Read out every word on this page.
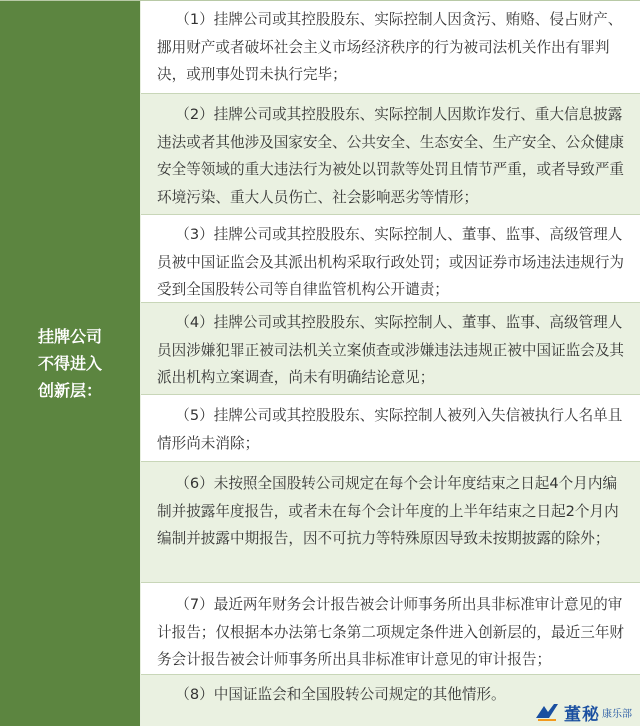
挂牌公司不得进入创新层：
（1）挂牌公司或其控股股东、实际控制人因贪污、贿赂、侵占财产、挪用财产或者破坏社会主义市场经济秩序的行为被司法机关作出有罪判决，或刑事处罚未执行完毕；
（2）挂牌公司或其控股股东、实际控制人因欺诈发行、重大信息披露违法或者其他涉及国家安全、公共安全、生态安全、生产安全、公众健康安全等领域的重大违法行为被处以罚款等处罚且情节严重，或者导致严重环境污染、重大人员伤亡、社会影响恶劣等情形；
（3）挂牌公司或其控股股东、实际控制人、董事、监事、高级管理人员被中国证监会及其派出机构采取行政处罚；或因证券市场违法违规行为受到全国股转公司等自律监管机构公开谴责；
（4）挂牌公司或其控股股东、实际控制人、董事、监事、高级管理人员因涉嫌犯罪正被司法机关立案侦查或涉嫌违法违规正被中国证监会及其派出机构立案调查，尚未有明确结论意见；
（5）挂牌公司或其控股股东、实际控制人被列入失信被执行人名单且情形尚未消除；
（6）未按照全国股转公司规定在每个会计年度结束之日起4个月内编制并披露年度报告，或者未在每个会计年度的上半年结束之日起2个月内编制并披露中期报告，因不可抗力等特殊原因导致未按期披露的除外；
（7）最近两年财务会计报告被会计师事务所出具非标准审计意见的审计报告；仅根据本办法第七条第二项规定条件进入创新层的，最近三年财务会计报告被会计师事务所出具非标准审计意见的审计报告；
（8）中国证监会和全国股转公司规定的其他情形。
董秘 康乐部
